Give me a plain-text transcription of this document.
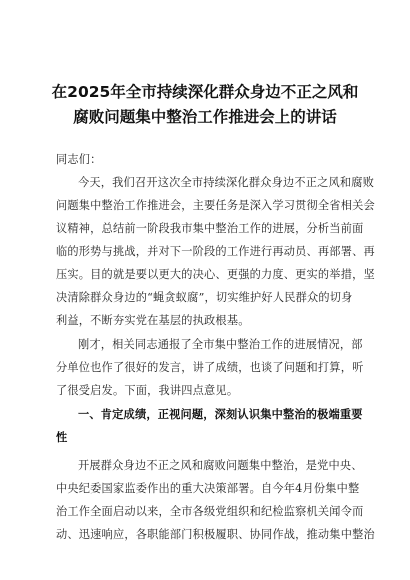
在2025年全市持续深化群众身边不正之风和
腐败问题集中整治工作推进会上的讲话
同志们：
今天，我们召开这次全市持续深化群众身边不正之风和腐败
问题集中整治工作推进会，主要任务是深入学习贯彻全省相关会
议精神，总结前一阶段我市集中整治工作的进展，分析当前面
临的形势与挑战，并对下一阶段的工作进行再动员、再部署、再
压实。目的就是要以更大的决心、更强的力度、更实的举措，坚
决清除群众身边的“蝇贪蚁腐”，切实维护好人民群众的切身
利益，不断夯实党在基层的执政根基。
刚才，相关同志通报了全市集中整治工作的进展情况，部
分单位也作了很好的发言，讲了成绩，也谈了问题和打算，听
了很受启发。下面，我讲四点意见。
一、肯定成绩，正视问题，深刻认识集中整治的极端重要
性
开展群众身边不正之风和腐败问题集中整治，是党中央、
中央纪委国家监委作出的重大决策部署。自今年4月份集中整
治工作全面启动以来，全市各级党组织和纪检监察机关闻令而
动、迅速响应，各职能部门积极履职、协同作战，推动集中整治
